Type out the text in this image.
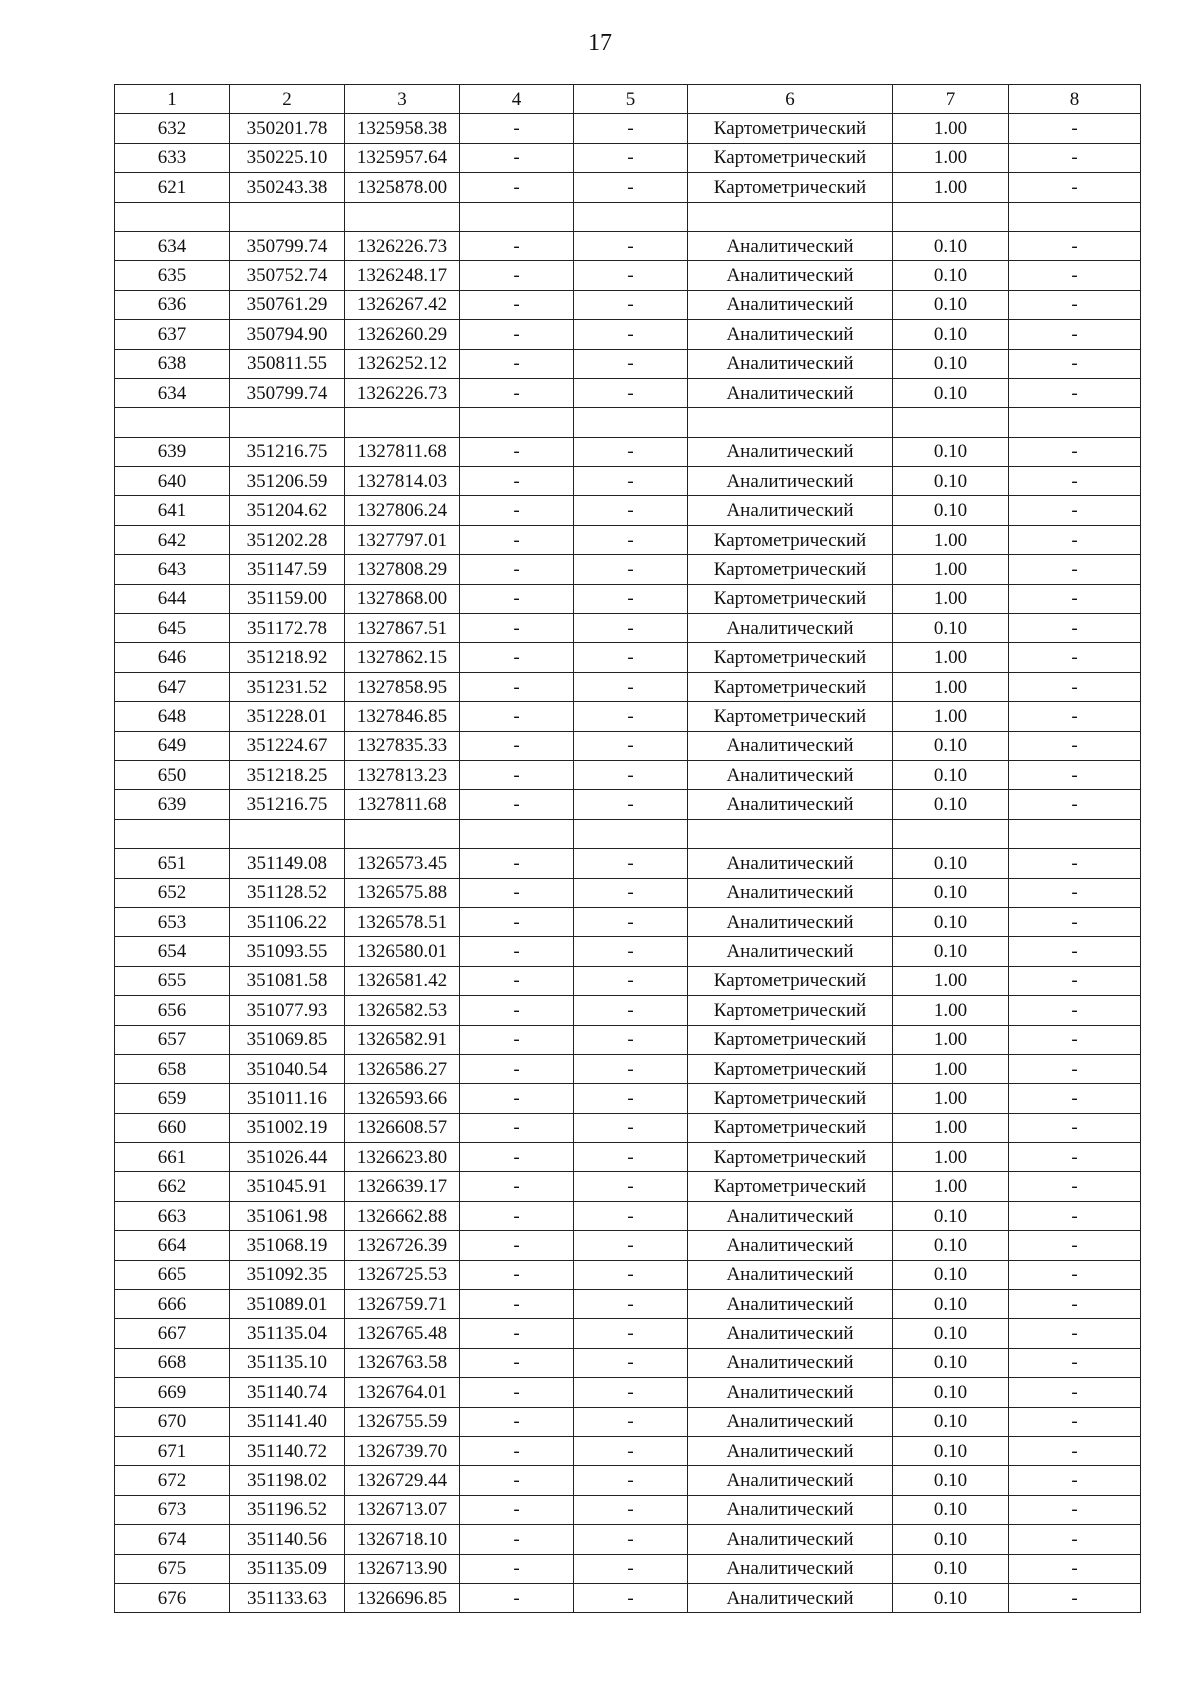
17
1	2	3	4	5	6	7	8
632	350201.78	1325958.38	-	-	Картометрический	1.00	-
633	350225.10	1325957.64	-	-	Картометрический	1.00	-
621	350243.38	1325878.00	-	-	Картометрический	1.00	-

634	350799.74	1326226.73	-	-	Аналитический	0.10	-
635	350752.74	1326248.17	-	-	Аналитический	0.10	-
636	350761.29	1326267.42	-	-	Аналитический	0.10	-
637	350794.90	1326260.29	-	-	Аналитический	0.10	-
638	350811.55	1326252.12	-	-	Аналитический	0.10	-
634	350799.74	1326226.73	-	-	Аналитический	0.10	-

639	351216.75	1327811.68	-	-	Аналитический	0.10	-
640	351206.59	1327814.03	-	-	Аналитический	0.10	-
641	351204.62	1327806.24	-	-	Аналитический	0.10	-
642	351202.28	1327797.01	-	-	Картометрический	1.00	-
643	351147.59	1327808.29	-	-	Картометрический	1.00	-
644	351159.00	1327868.00	-	-	Картометрический	1.00	-
645	351172.78	1327867.51	-	-	Аналитический	0.10	-
646	351218.92	1327862.15	-	-	Картометрический	1.00	-
647	351231.52	1327858.95	-	-	Картометрический	1.00	-
648	351228.01	1327846.85	-	-	Картометрический	1.00	-
649	351224.67	1327835.33	-	-	Аналитический	0.10	-
650	351218.25	1327813.23	-	-	Аналитический	0.10	-
639	351216.75	1327811.68	-	-	Аналитический	0.10	-

651	351149.08	1326573.45	-	-	Аналитический	0.10	-
652	351128.52	1326575.88	-	-	Аналитический	0.10	-
653	351106.22	1326578.51	-	-	Аналитический	0.10	-
654	351093.55	1326580.01	-	-	Аналитический	0.10	-
655	351081.58	1326581.42	-	-	Картометрический	1.00	-
656	351077.93	1326582.53	-	-	Картометрический	1.00	-
657	351069.85	1326582.91	-	-	Картометрический	1.00	-
658	351040.54	1326586.27	-	-	Картометрический	1.00	-
659	351011.16	1326593.66	-	-	Картометрический	1.00	-
660	351002.19	1326608.57	-	-	Картометрический	1.00	-
661	351026.44	1326623.80	-	-	Картометрический	1.00	-
662	351045.91	1326639.17	-	-	Картометрический	1.00	-
663	351061.98	1326662.88	-	-	Аналитический	0.10	-
664	351068.19	1326726.39	-	-	Аналитический	0.10	-
665	351092.35	1326725.53	-	-	Аналитический	0.10	-
666	351089.01	1326759.71	-	-	Аналитический	0.10	-
667	351135.04	1326765.48	-	-	Аналитический	0.10	-
668	351135.10	1326763.58	-	-	Аналитический	0.10	-
669	351140.74	1326764.01	-	-	Аналитический	0.10	-
670	351141.40	1326755.59	-	-	Аналитический	0.10	-
671	351140.72	1326739.70	-	-	Аналитический	0.10	-
672	351198.02	1326729.44	-	-	Аналитический	0.10	-
673	351196.52	1326713.07	-	-	Аналитический	0.10	-
674	351140.56	1326718.10	-	-	Аналитический	0.10	-
675	351135.09	1326713.90	-	-	Аналитический	0.10	-
676	351133.63	1326696.85	-	-	Аналитический	0.10	-
